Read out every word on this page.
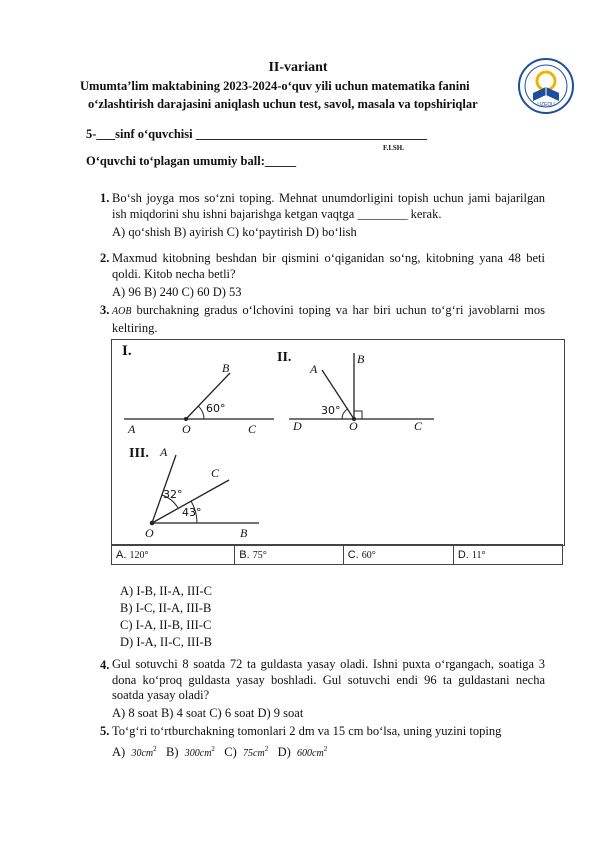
II-variant
Umumta’lim maktabining 2023-2024-o‘quv yili uchun matematika fanini
o‘zlashtirish darajasini aniqlash uchun test, savol, masala va topshiriqlar	UZEDU
5-___sinf o‘quvchisi _____________________________________
F.I.SH.
O‘quvchi to‘plagan umumiy ball:_____
1. Bo‘sh joyga mos so‘zni toping. Mehnat unumdorligini topish uchun jami bajarilgan ish miqdorini shu ishni bajarishga ketgan vaqtga ________ kerak.
A) qo‘shish B) ayirish C) ko‘paytirish D) bo‘lish
2. Maxmud kitobning beshdan bir qismini o‘qiganidan so‘ng, kitobning yana 48 beti qoldi. Kitob necha betli?
A) 96 B) 240 C) 60 D) 53
3. AOB burchakning gradus o‘lchovini toping va har biri uchun to‘g‘ri javoblarni mos keltiring.
I.
B
60°
A	O	C
II.
A
B
30°
D	O	C
III. A
C
32°
43°
O	B
A. 120°	B. 75°	C. 60°	D. 11°
A) I-B, II-A, III-C
B) I-C, II-A, III-B
C) I-A, II-B, III-C
D) I-A, II-C, III-B
4. Gul sotuvchi 8 soatda 72 ta guldasta yasay oladi. Ishni puxta o‘rgangach, soatiga 3 dona ko‘proq guldasta yasay boshladi. Gul sotuvchi endi 96 ta guldastani necha soatda yasay oladi?
A) 8 soat B) 4 soat C) 6 soat D) 9 soat
5. To‘g‘ri to‘rtburchakning tomonlari 2 dm va 15 cm bo‘lsa, uning yuzini toping
A) $30cm^2$ B) $300cm^2$ C) $75cm^2$ D) $600cm^2$
